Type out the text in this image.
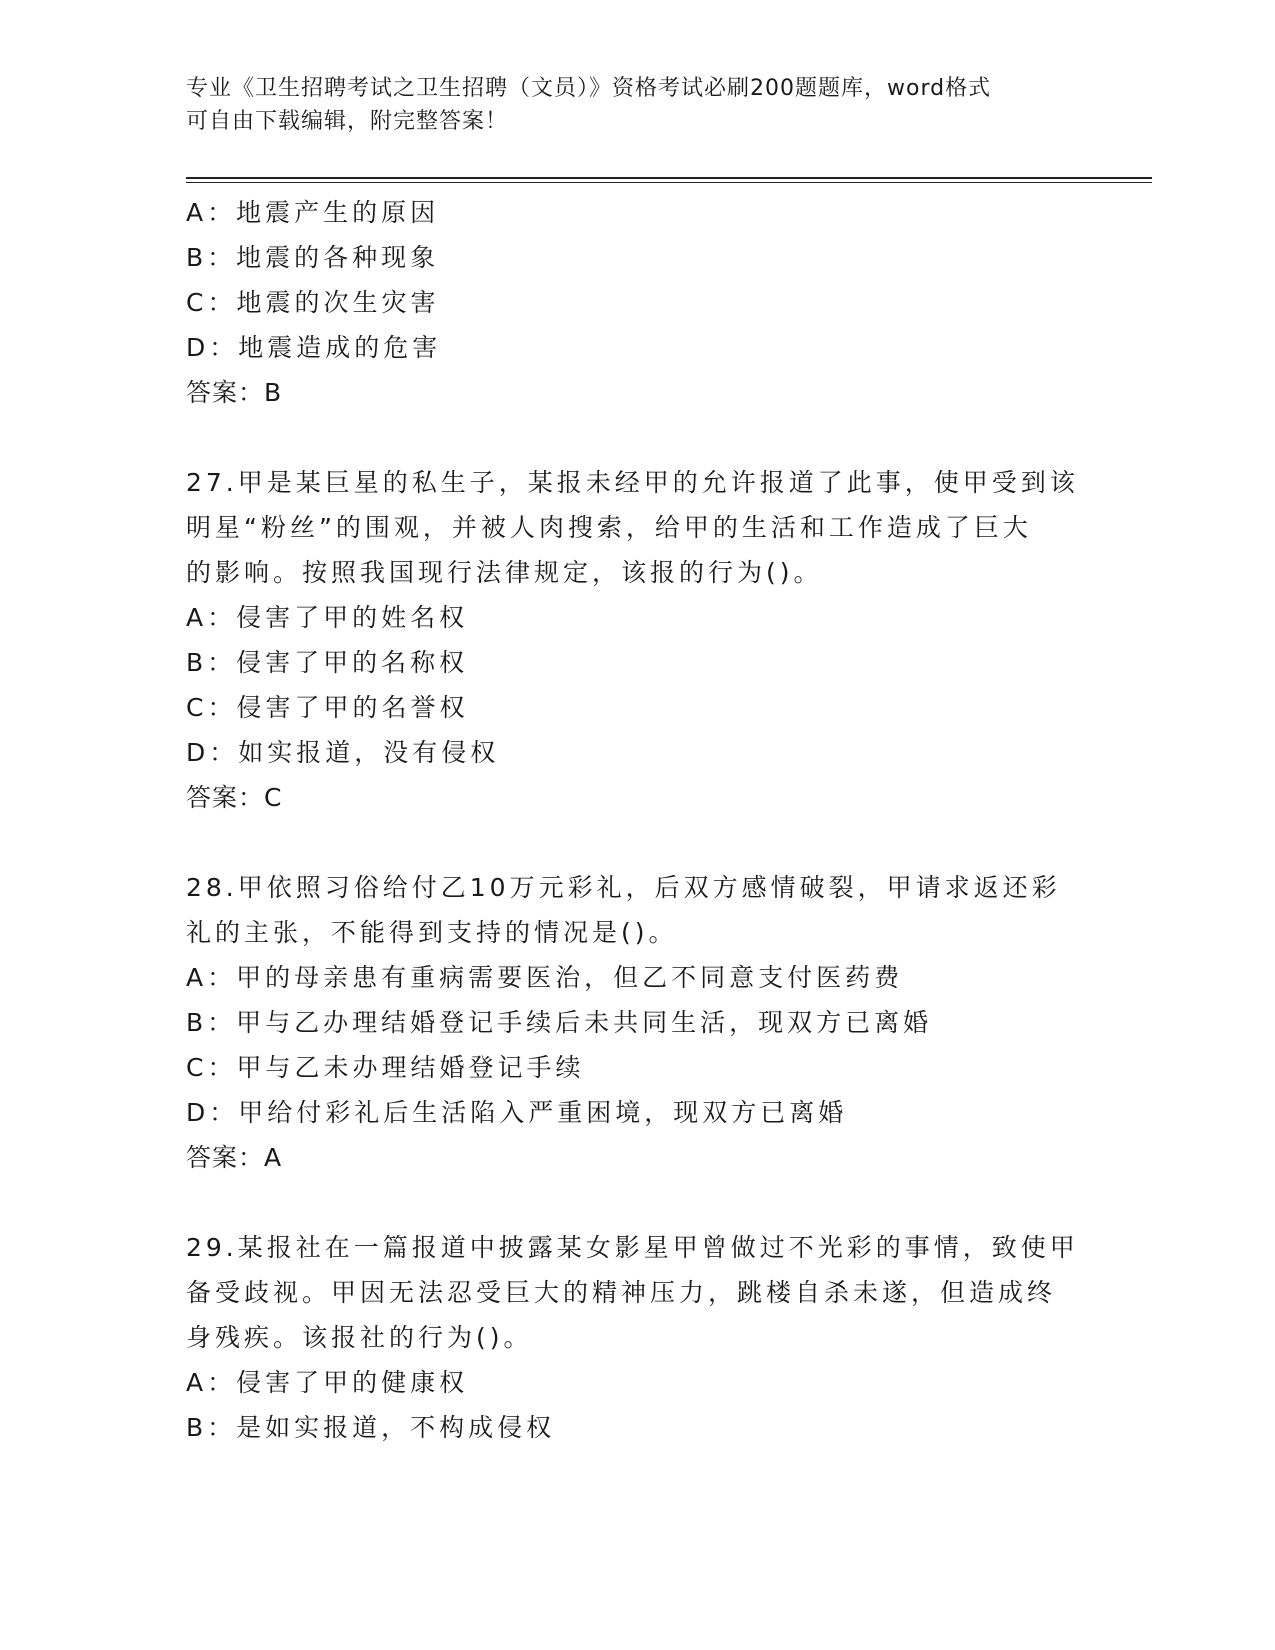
专业《卫生招聘考试之卫生招聘（文员）》资格考试必刷200题题库，word格式
可自由下载编辑，附完整答案！
A：地震产生的原因
B：地震的各种现象
C：地震的次生灾害
D：地震造成的危害
答案：B
27.甲是某巨星的私生子，某报未经甲的允许报道了此事，使甲受到该
明星“粉丝”的围观，并被人肉搜索，给甲的生活和工作造成了巨大
的影响。按照我国现行法律规定，该报的行为()。
A：侵害了甲的姓名权
B：侵害了甲的名称权
C：侵害了甲的名誉权
D：如实报道，没有侵权
答案：C
28.甲依照习俗给付乙10万元彩礼，后双方感情破裂，甲请求返还彩
礼的主张，不能得到支持的情况是()。
A：甲的母亲患有重病需要医治，但乙不同意支付医药费
B：甲与乙办理结婚登记手续后未共同生活，现双方已离婚
C：甲与乙未办理结婚登记手续
D：甲给付彩礼后生活陷入严重困境，现双方已离婚
答案：A
29.某报社在一篇报道中披露某女影星甲曾做过不光彩的事情，致使甲
备受歧视。甲因无法忍受巨大的精神压力，跳楼自杀未遂，但造成终
身残疾。该报社的行为()。
A：侵害了甲的健康权
B：是如实报道，不构成侵权
